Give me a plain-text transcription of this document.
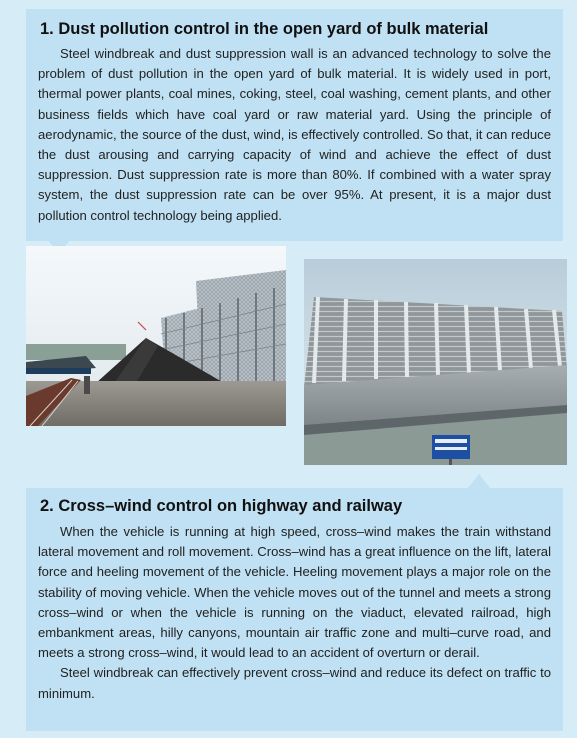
1. Dust pollution control in the open yard of bulk material

Steel windbreak and dust suppression wall is an advanced technology to solve the problem of dust pollution in the open yard of bulk material. It is widely used in port, thermal power plants, coal mines, coking, steel, coal washing, cement plants, and other business fields which have coal yard or raw material yard. Using the principle of aerodynamic, the source of the dust, wind, is effectively controlled. So that, it can reduce the dust arousing and carrying capacity of wind and achieve the effect of dust suppression. Dust suppression rate is more than 80%. If combined with a water spray system, the dust suppression rate can be over 95%. At present, it is a major dust pollution control technology being applied.

2. Cross–wind control on highway and railway

When the vehicle is running at high speed, cross–wind makes the train withstand lateral movement and roll movement. Cross–wind has a great influence on the lift, lateral force and heeling movement of the vehicle. Heeling movement plays a major role on the stability of moving vehicle. When the vehicle moves out of the tunnel and meets a strong cross–wind or when the vehicle is running on the viaduct, elevated railroad, high embankment areas, hilly canyons, mountain air traffic zone and multi–curve road, and meets a strong cross–wind, it would lead to an accident of overturn or derail.

Steel windbreak can effectively prevent cross–wind and reduce its defect on traffic to minimum.
